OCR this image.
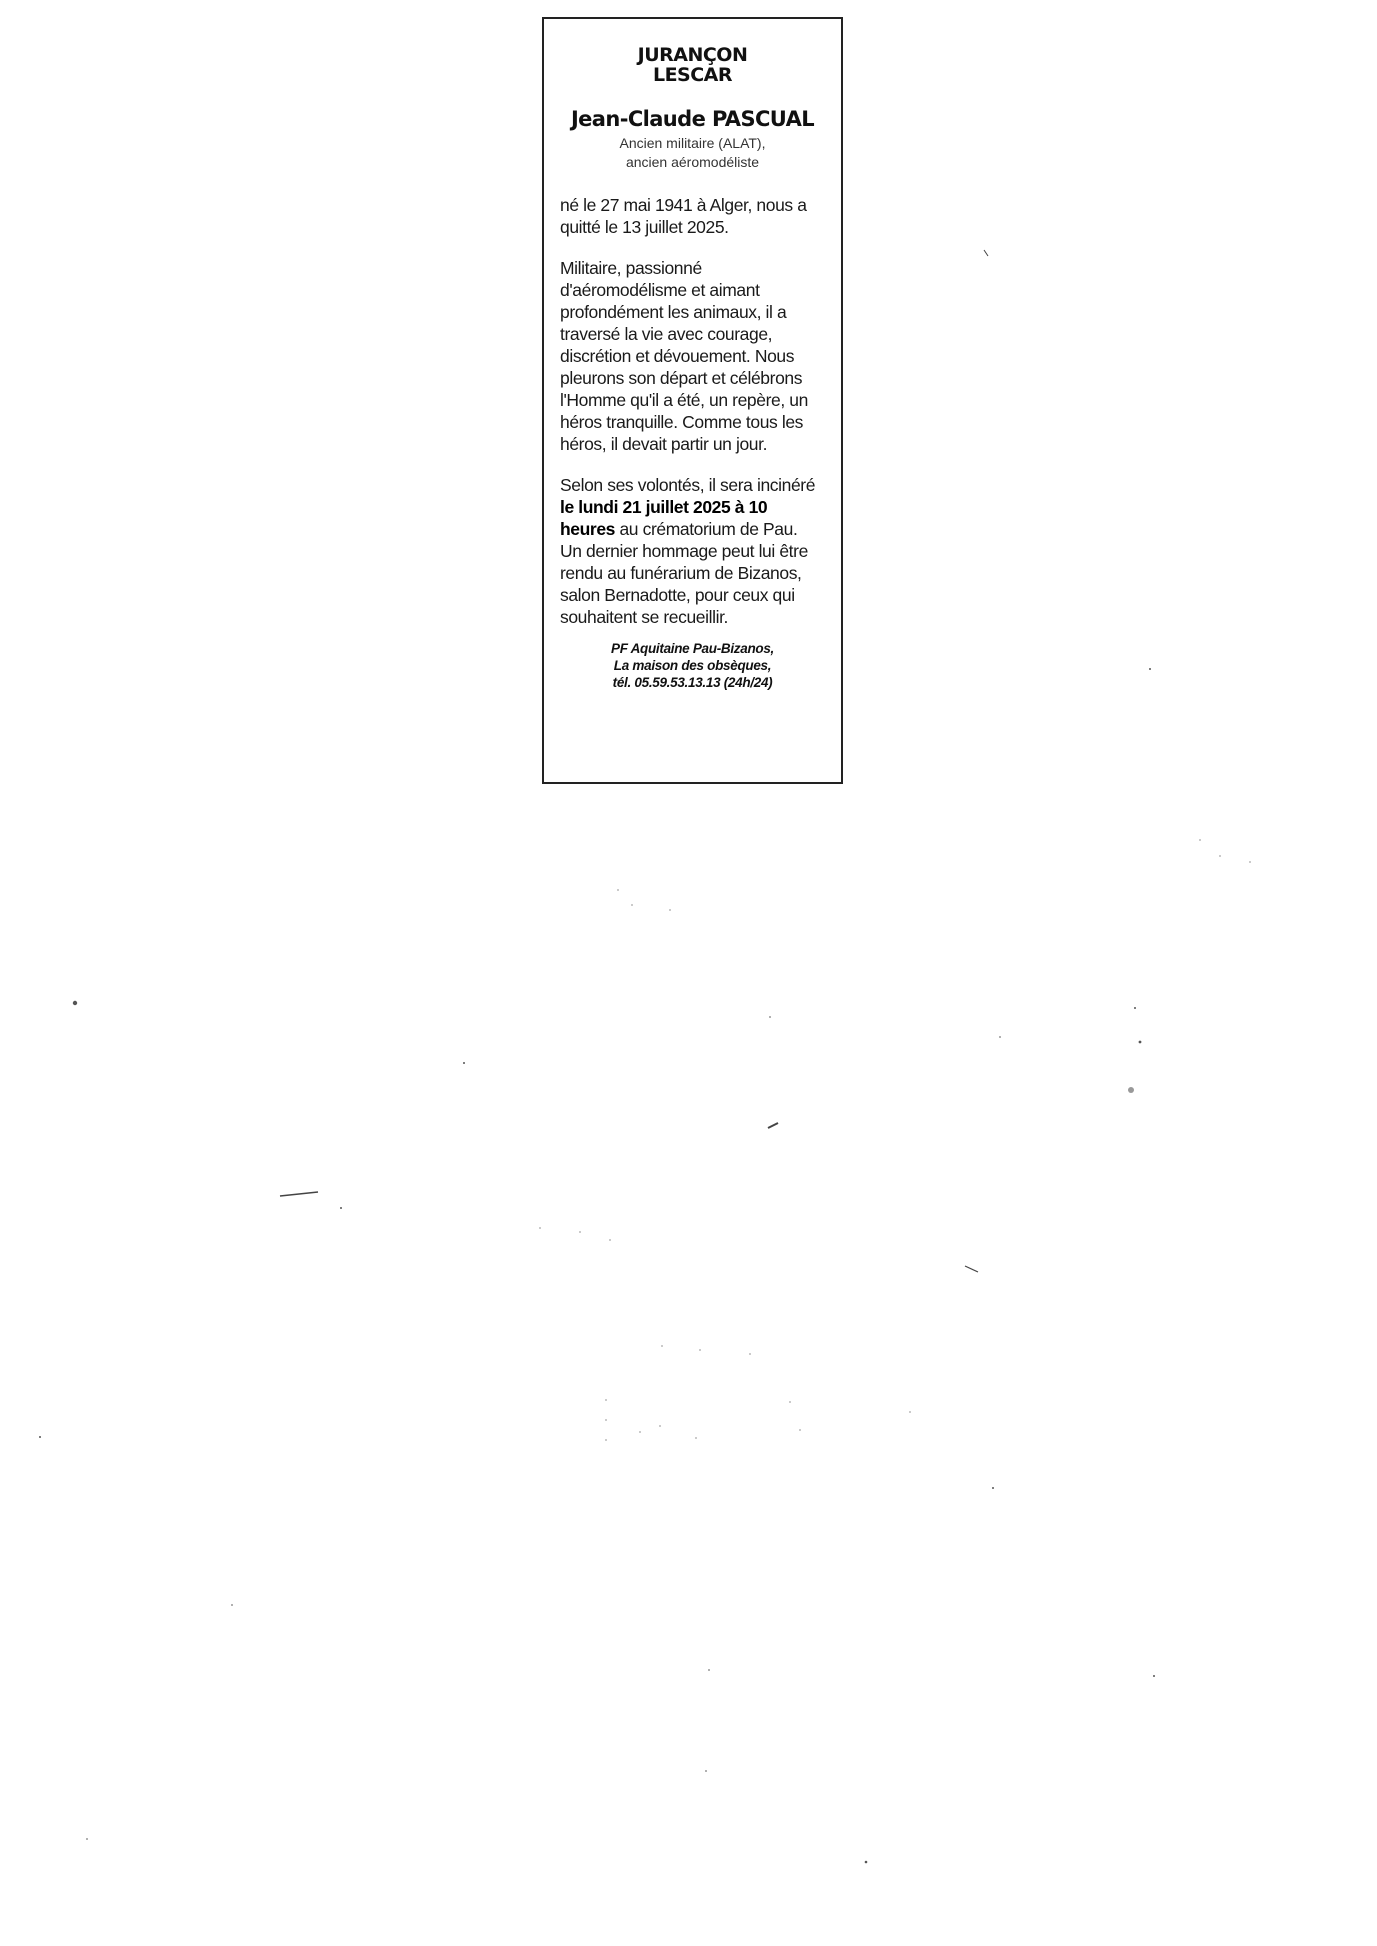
JURANÇON
LESCAR
Jean-Claude PASCUAL
Ancien militaire (ALAT),
ancien aéromodéliste
né le 27 mai 1941 à Alger, nous a quitté le 13 juillet 2025.
Militaire, passionné d'aéromodélisme et aimant profondément les animaux, il a traversé la vie avec courage, discrétion et dévouement. Nous pleurons son départ et célébrons l'Homme qu'il a été, un repère, un héros tranquille. Comme tous les héros, il devait partir un jour.
Selon ses volontés, il sera incinéré le lundi 21 juillet 2025 à 10 heures au crématorium de Pau.
Un dernier hommage peut lui être rendu au funérarium de Bizanos, salon Bernadotte, pour ceux qui souhaitent se recueillir.
PF Aquitaine Pau-Bizanos,
La maison des obsèques,
tél. 05.59.53.13.13 (24h/24)
